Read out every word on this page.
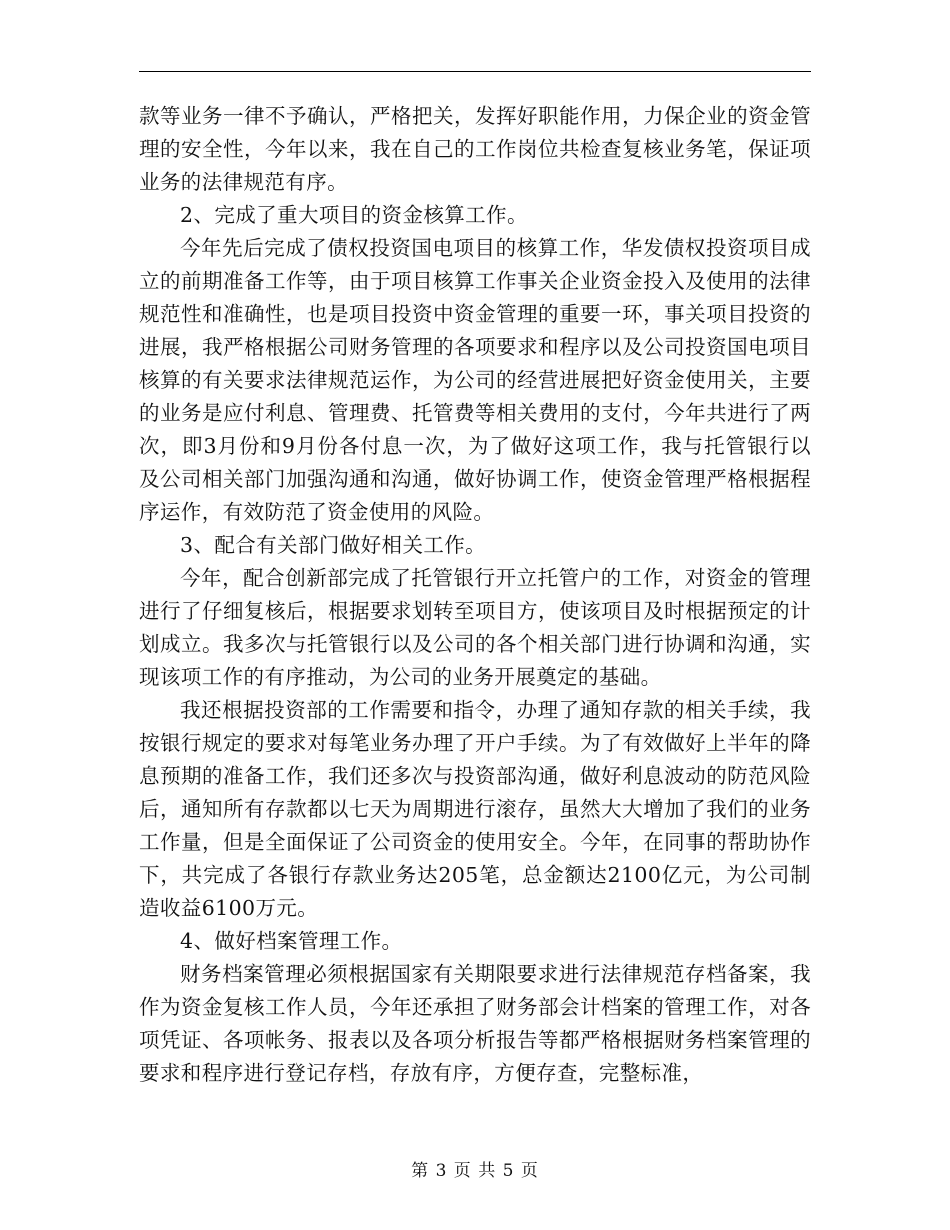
款等业务一律不予确认，严格把关，发挥好职能作用，力保企业的资金管理的安全性，今年以来，我在自己的工作岗位共检查复核业务笔，保证项业务的法律规范有序。

2、完成了重大项目的资金核算工作。

今年先后完成了债权投资国电项目的核算工作，华发债权投资项目成立的前期准备工作等，由于项目核算工作事关企业资金投入及使用的法律规范性和准确性，也是项目投资中资金管理的重要一环，事关项目投资的进展，我严格根据公司财务管理的各项要求和程序以及公司投资国电项目核算的有关要求法律规范运作，为公司的经营进展把好资金使用关，主要的业务是应付利息、管理费、托管费等相关费用的支付，今年共进行了两次，即3月份和9月份各付息一次，为了做好这项工作，我与托管银行以及公司相关部门加强沟通和沟通，做好协调工作，使资金管理严格根据程序运作，有效防范了资金使用的风险。

3、配合有关部门做好相关工作。

今年，配合创新部完成了托管银行开立托管户的工作，对资金的管理进行了仔细复核后，根据要求划转至项目方，使该项目及时根据预定的计划成立。我多次与托管银行以及公司的各个相关部门进行协调和沟通，实现该项工作的有序推动，为公司的业务开展奠定的基础。

我还根据投资部的工作需要和指令，办理了通知存款的相关手续，我按银行规定的要求对每笔业务办理了开户手续。为了有效做好上半年的降息预期的准备工作，我们还多次与投资部沟通，做好利息波动的防范风险后，通知所有存款都以七天为周期进行滚存，虽然大大增加了我们的业务工作量，但是全面保证了公司资金的使用安全。今年，在同事的帮助协作下，共完成了各银行存款业务达205笔，总金额达2100亿元，为公司制造收益6100万元。

4、做好档案管理工作。

财务档案管理必须根据国家有关期限要求进行法律规范存档备案，我作为资金复核工作人员，今年还承担了财务部会计档案的管理工作，对各项凭证、各项帐务、报表以及各项分析报告等都严格根据财务档案管理的要求和程序进行登记存档，存放有序，方便存查，完整标准，

第 3 页 共 5 页
